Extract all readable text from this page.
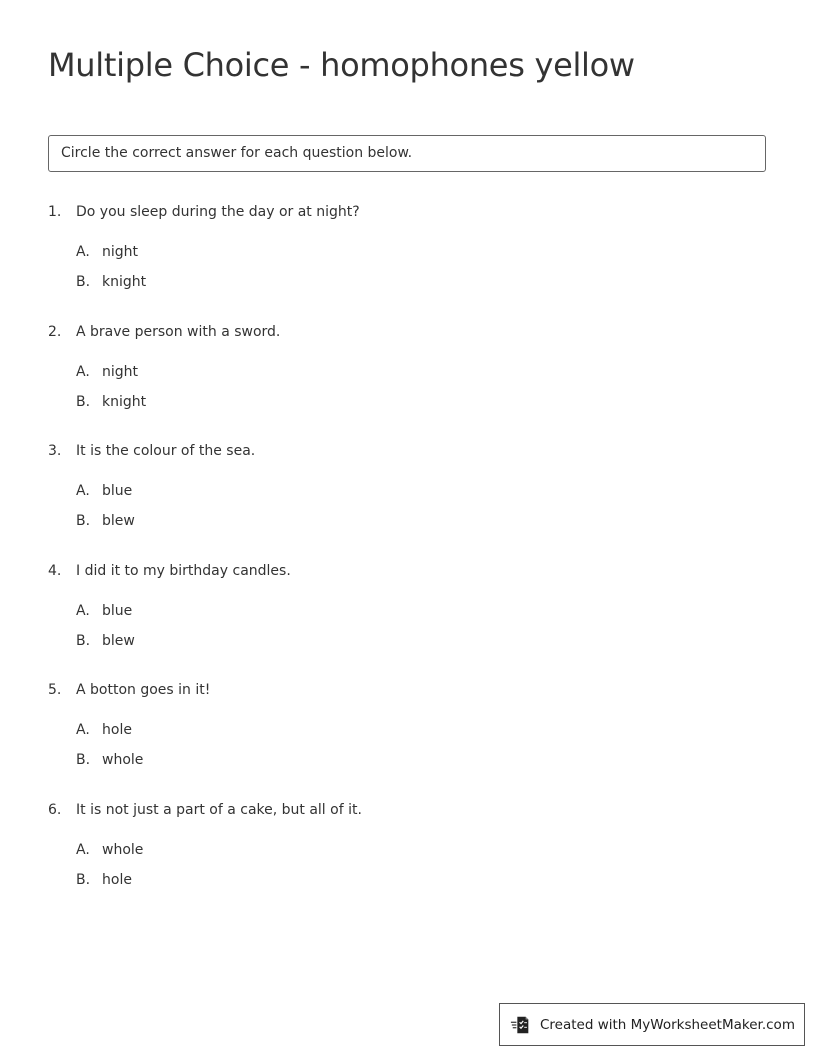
Multiple Choice - homophones yellow
Circle the correct answer for each question below.
1. Do you sleep during the day or at night?
A. night
B. knight
2. A brave person with a sword.
A. night
B. knight
3. It is the colour of the sea.
A. blue
B. blew
4. I did it to my birthday candles.
A. blue
B. blew
5. A botton goes in it!
A. hole
B. whole
6. It is not just a part of a cake, but all of it.
A. whole
B. hole
Created with MyWorksheetMaker.com
